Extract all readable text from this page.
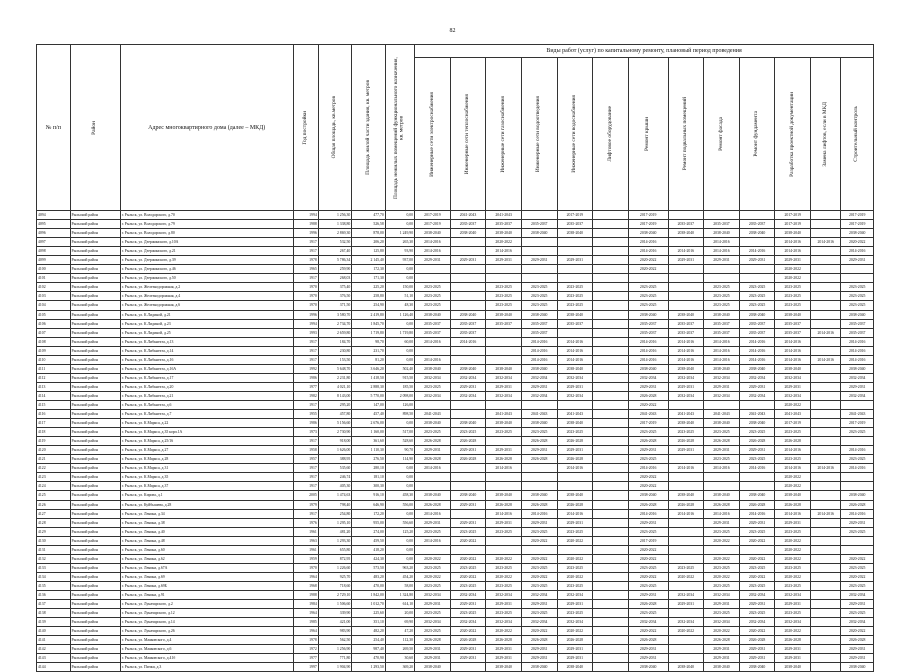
82
№ п/п	Район	Адрес многоквартирного дома (далее – МКД)	Год постройки	Общая площадь, кв.метров	Площадь жилой части здания, кв. метров	Площадь нежилых помещений функционального назначения, кв. метров	Виды работ (услуг) по капитальному ремонту, плановый период проведения												

							Инженерные сети электроснабжения	Инженерные сети теплоснабжения	Инженерные сети газоснабжения	Инженерные сети водоотведения	Инженерные сети водоснабжения	Лифтовое оборудование	Ремонт крыши	Ремонт подвальных помещений	Ремонт фасада	Ремонт фундамента	Разработка проектной документации	Замена лифтов, если в МКД	Строительный контроль

4094	Рыльский район	г. Рыльск, ул. Володарского, д.70	1994	1 256,30	477,70	0,00	2017-2019	2041-2043	2041-2043		2017-2019		2017-2019				2017-2019		2017-2019
4095	Рыльский район	г. Рыльск, ул. Володарского, д.79	1988	1 338,80	526,58	0,00	2017-2019	2035-2037	2035-2037	2035-2037	2035-2037		2017-2019	2035-2037	2035-2037	2035-2037	2017-2019		2017-2019
4096	Рыльский район	г. Рыльск, ул. Володарского, д.80	1996	2 869,30	878,00	1 249,90	2038-2040	2038-2040	2038-2040	2038-2040	2038-2040		2038-2040	2038-2040	2038-2040	2038-2040	2038-2040		2038-2040
4097	Рыльский район	г. Рыльск, ул. Дзержинского, д.10А	1917	532,50	206,20	265,30	2014-2016		2020-2022				2014-2016		2014-2016		2014-2016	2014-2016	2020-2022
4098	Рыльский район	г. Рыльск, ул. Дзержинского, д.21	1917	267,40	125,80	93,90	2014-2016		2014-2016				2014-2016	2014-2016	2014-2016	2014-2016	2014-2016		2014-2016
4099	Рыльский район	г. Рыльск, ул. Дзержинского, д.39	1978	5 786,34	2 145,40	937,00	2029-2031	2029-2031	2029-2031	2029-2031	2029-2031		2020-2022	2029-2031	2029-2031	2029-2031	2029-2031		2029-2031
4100	Рыльский район	г. Рыльск, ул. Дзержинского, д.46	1965	259,90	172,30	0,00							2020-2022				2020-2022		
4101	Рыльский район	г. Рыльск, ул. Дзержинского, д.50	1917	268,03	171,30	0,00											2020-2022		
4102	Рыльский район	г. Рыльск, ул. Железнодорожная, д.2	1970	375,40	225,20	150,00	2023-2025		2023-2025	2023-2025	2023-2025		2023-2025		2023-2025	2023-2025	2023-2025		2023-2025
4103	Рыльский район	г. Рыльск, ул. Железнодорожная, д.4	1970	376,50	258,80	51,10	2023-2025		2023-2025	2023-2025	2023-2025		2023-2025		2023-2025	2023-2025	2023-2025		2023-2025
4104	Рыльский район	г. Рыльск, ул. Железнодорожная, д.6	1970	371,50	254,90	48,30	2023-2025		2023-2025	2023-2025	2023-2025		2023-2025		2023-2025	2023-2025	2023-2025		2023-2025
4105	Рыльский район	г. Рыльск, ул. К.Лидиной, д.21	1996	3 580,70	2 419,80	1 126,40	2038-2040	2038-2040	2038-2040	2038-2040	2038-2040		2038-2040	2038-2040	2038-2040	2038-2040	2038-2040		2038-2040
4106	Рыльский район	г. Рыльск, ул. К.Лидиной, д.23	1994	2 734,70	1 845,70	0,00	2035-2037	2035-2037	2035-2037	2035-2037	2035-2037		2035-2037	2035-2037	2035-2037	2035-2037	2035-2037		2035-2037
4107	Рыльский район	г. Рыльск, ул. К.Лидиной, д.25	1993	2 659,80	1 719,80	1 719,80	2035-2037	2035-2037		2035-2037			2035-2037	2035-2037	2035-2037	2035-2037	2035-2037	2014-2016	2035-2037
4108	Рыльский район	г. Рыльск, ул. К.Либкнехта, д.13	1917	184,70	98,70	60,00	2014-2016	2014-2016		2014-2016	2014-2016		2014-2016	2014-2016	2014-2016	2014-2016	2014-2016		2014-2016
4109	Рыльский район	г. Рыльск, ул. К.Либкнехта, д.14	1917	230,80	231,70	0,00				2014-2016	2014-2016		2014-2016	2014-2016	2014-2016	2014-2016	2014-2016		2014-2016
4110	Рыльский район	г. Рыльск, ул. К.Либкнехта, д.16	1917	153,50	81,20	0,00	2014-2016			2014-2016	2014-2016		2014-2016	2014-2016	2014-2016	2014-2016	2014-2016	2014-2016	2014-2016
4111	Рыльский район	г. Рыльск, ул. К.Либкнехта, д.16А	1992	5 648,70	3 646,20	502,40	2038-2040	2038-2040	2038-2040	2038-2040	2038-2040		2038-2040	2038-2040	2038-2040	2038-2040	2038-2040		2038-2040
4112	Рыльский район	г. Рыльск, ул. К.Либкнехта, д.17	1986	2 231,80	1 418,50	915,50	2032-2034	2032-2034	2032-2034	2032-2034	2032-2034		2032-2034	2032-2034	2032-2034	2032-2034	2032-2034		2032-2034
4113	Рыльский район	г. Рыльск, ул. К.Либкнехта, д.20	1977	4 021,10	2 888,30	185,50	2023-2025	2029-2031	2029-2031	2029-2031	2029-2031		2029-2031	2029-2031	2029-2031	2029-2031	2029-2031		2029-2031
4114	Рыльский район	г. Рыльск, ул. К.Либкнехта, д.21	1982	8 143,00	5 770,00	2 098,00	2032-2034	2032-2034	2032-2034	2032-2034	2032-2034		2026-2028	2032-2034	2032-2034	2032-2034	2032-2034		2032-2034
4115	Рыльский район	г. Рыльск, ул. К.Либкнехта, д.6	1917	295,20	147,00	126,00							2020-2022				2020-2022		
4116	Рыльский район	г. Рыльск, ул. К.Либкнехта, д.7	1955	457,80	457,40	898,50	2041-2043		2041-2043	2041-2043	2041-2043		2041-2043	2041-2043	2041-2043	2041-2043	2041-2043		2041-2043
4117	Рыльский район	г. Рыльск, ул. К.Маркса, д.22	1986	5 156,60	2 676,00	0,00	2038-2040	2038-2040	2038-2040	2038-2040	2038-2040		2017-2019	2038-2040	2038-2040	2038-2040	2017-2019		2017-2019
4118	Рыльский район	г. Рыльск, ул. К.Маркса, д.35 корп.1А	1973	2 730,90	1 160,00	517,00	2023-2025	2023-2025	2023-2025	2023-2025	2023-2025		2023-2025	2023-2025	2023-2025	2023-2025	2023-2025		2023-2025
4119	Рыльский район	г. Рыльск, ул. К.Маркса, д.25/16	1917	918,00	361,60	528,60	2026-2028	2026-2028		2026-2028	2026-2028		2026-2028	2026-2028	2026-2028	2026-2028	2026-2028		
4120	Рыльский район	г. Рыльск, ул. К.Маркса, д.27	1958	1 626,00	1 110,30	90,70	2029-2031	2029-2031	2029-2031	2029-2031	2029-2031		2029-2031	2029-2031	2029-2031	2029-2031	2014-2016		2014-2016
4121	Рыльский район	г. Рыльск, ул. К.Маркса, д.28	1957	388,95	276,50	114,90	2026-2028	2026-2028	2026-2028	2026-2028	2026-2028		2023-2025		2023-2025	2023-2025	2023-2025		2023-2025
4122	Рыльский район	г. Рыльск, ул. К.Маркса, д.31	1917	535,60	280,10	0,00	2014-2016		2014-2016		2014-2016		2014-2016	2014-2016	2014-2016	2014-2016	2014-2016	2014-2016	2014-2016
4123	Рыльский район	г. Рыльск, ул. К.Маркса, д.35	1917	246,74	181,10	0,00							2020-2022				2020-2022		
4124	Рыльский район	г. Рыльск, ул. К.Маркса, д.37	1917	405,30	300,30	0,00							2020-2022				2020-2022		
4125	Рыльский район	г. Рыльск, ул. Кирова, д.1	2005	1 474,63	916,10	458,30	2038-2040	2038-2040	2038-2040	2038-2040	2038-2040		2038-2040	2038-2040	2038-2040	2038-2040	2038-2040		2038-2040
4126	Рыльский район	г. Рыльск, ул. Куйбышева, д.28	1979	798,40	646,90	556,00	2026-2028	2029-2031	2026-2028	2026-2028	2026-2028		2026-2028	2026-2028	2026-2028	2026-2028	2026-2028		2026-2028
4127	Рыльский район	г. Рыльск, ул. Ленина, д.34	1917	254,80	172,20	0,00	2014-2016		2014-2016	2014-2016	2014-2016		2014-2016	2014-2016	2014-2016	2014-2016	2014-2016	2014-2016	2014-2016
4128	Рыльский район	г. Рыльск, ул. Ленина, д.38	1976	1 295,10	955,00	556,60	2029-2031	2029-2031	2029-2031	2029-2031	2029-2031		2029-2031		2029-2031	2029-2031	2029-2031		2029-2031
4129	Рыльский район	г. Рыльск, ул. Ленина, д.40	1961	481,20	274,00	125,20	2023-2025	2023-2025	2023-2025	2023-2025	2023-2025		2023-2025		2023-2025	2023-2025	2023-2025		2023-2025
4130	Рыльский район	г. Рыльск, ул. Ленина, д.48	1963	1 293,30	459,50	0,00	2014-2016	2020-2022		2020-2022	2020-2022		2017-2019		2020-2022	2020-2022	2020-2022		
4131	Рыльский район	г. Рыльск, ул. Ленина, д.60	1961	655,80	418,20	0,00							2020-2022				2020-2022		
4132	Рыльский район	г. Рыльск, ул. Ленина, д.62	1959	872,95	424,30	0,00	2020-2022	2020-2022	2020-2022	2020-2022	2020-2022		2020-2022		2020-2022	2020-2022	2020-2022		2020-2022
4133	Рыльский район	г. Рыльск, ул. Ленина, д.67А	1970	1 226,60	573,50	963,20	2023-2025	2023-2025	2023-2025	2023-2025	2023-2025		2023-2025	2023-2025	2023-2025	2023-2025	2023-2025		2023-2025
4134	Рыльский район	г. Рыльск, ул. Ленина, д.69	1964	925,70	483,20	454,20	2020-2022	2020-2022	2020-2022	2020-2022	2020-2022		2020-2022	2020-2022	2020-2022	2020-2022	2020-2022		2020-2022
4135	Рыльский район	г. Рыльск, ул. Ленина, д.69Б	1968	718,60	470,00	58,00	2023-2025	2023-2025	2023-2025	2023-2025	2023-2025		2023-2025		2023-2025	2023-2025	2023-2025		2023-2025
4136	Рыльский район	г. Рыльск, ул. Ленина, д.91	1988	2 729,10	1 842,00	1 324,80	2032-2034	2032-2034	2032-2034	2032-2034	2032-2034		2029-2031	2032-2034	2032-2034	2032-2034	2032-2034		2032-2034
4137	Рыльский район	г. Рыльск, ул. Луначарского, д.2	1984	1 506,60	1 012,70	614,10	2029-2031	2029-2031	2029-2031	2029-2031	2029-2031		2026-2028	2029-2031	2029-2031	2029-2031	2029-2031		2029-2031
4138	Рыльский район	г. Рыльск, ул. Луначарского, д.12	1964	339,90	225,60	20,00	2023-2025	2023-2025	2023-2025	2023-2025	2023-2025		2023-2025		2023-2025	2023-2025	2023-2025		2023-2025
4139	Рыльский район	г. Рыльск, ул. Луначарского, д.14	1985	421,00	351,10	69,90	2032-2034	2032-2034	2032-2034	2032-2034	2032-2034		2032-2034	2032-2034	2032-2034	2032-2034	2032-2034		2032-2034
4140	Рыльский район	г. Рыльск, ул. Луначарского, д.26	1964	983,90	482,20	47,20	2023-2025	2020-2022	2020-2022	2020-2022	2020-2022		2020-2022	2020-2022	2020-2022	2020-2022	2020-2022		2020-2022
4141	Рыльский район	г. Рыльск, ул. Маяковского, д.4	1978	562,50	254,40	112,30	2026-2028	2026-2028	2026-2028	2026-2028	2026-2028		2026-2028		2026-2028	2026-2028	2026-2028		2026-2028
4142	Рыльский район	г. Рыльск, ул. Маяковского, д.6	1972	1 256,90	987,40	269,50	2029-2031	2029-2031	2029-2031	2029-2031	2029-2031		2029-2031		2029-2031	2029-2031	2029-2031		2029-2031
4143	Рыльский район	г. Рыльск, ул. Маяковского, д.41б	1977	771,80	470,90	30,60	2029-2031	2029-2031	2029-2031	2029-2031	2029-2031		2029-2031		2029-2031	2029-2031	2029-2031		2029-2031
4144	Рыльский район	г. Рыльск, ул. Пички, д.3	1997	1 904,90	1 293,50	369,20	2038-2040		2038-2040	2038-2040	2038-2040		2038-2040	2038-2040	2038-2040	2038-2040	2038-2040		2038-2040
